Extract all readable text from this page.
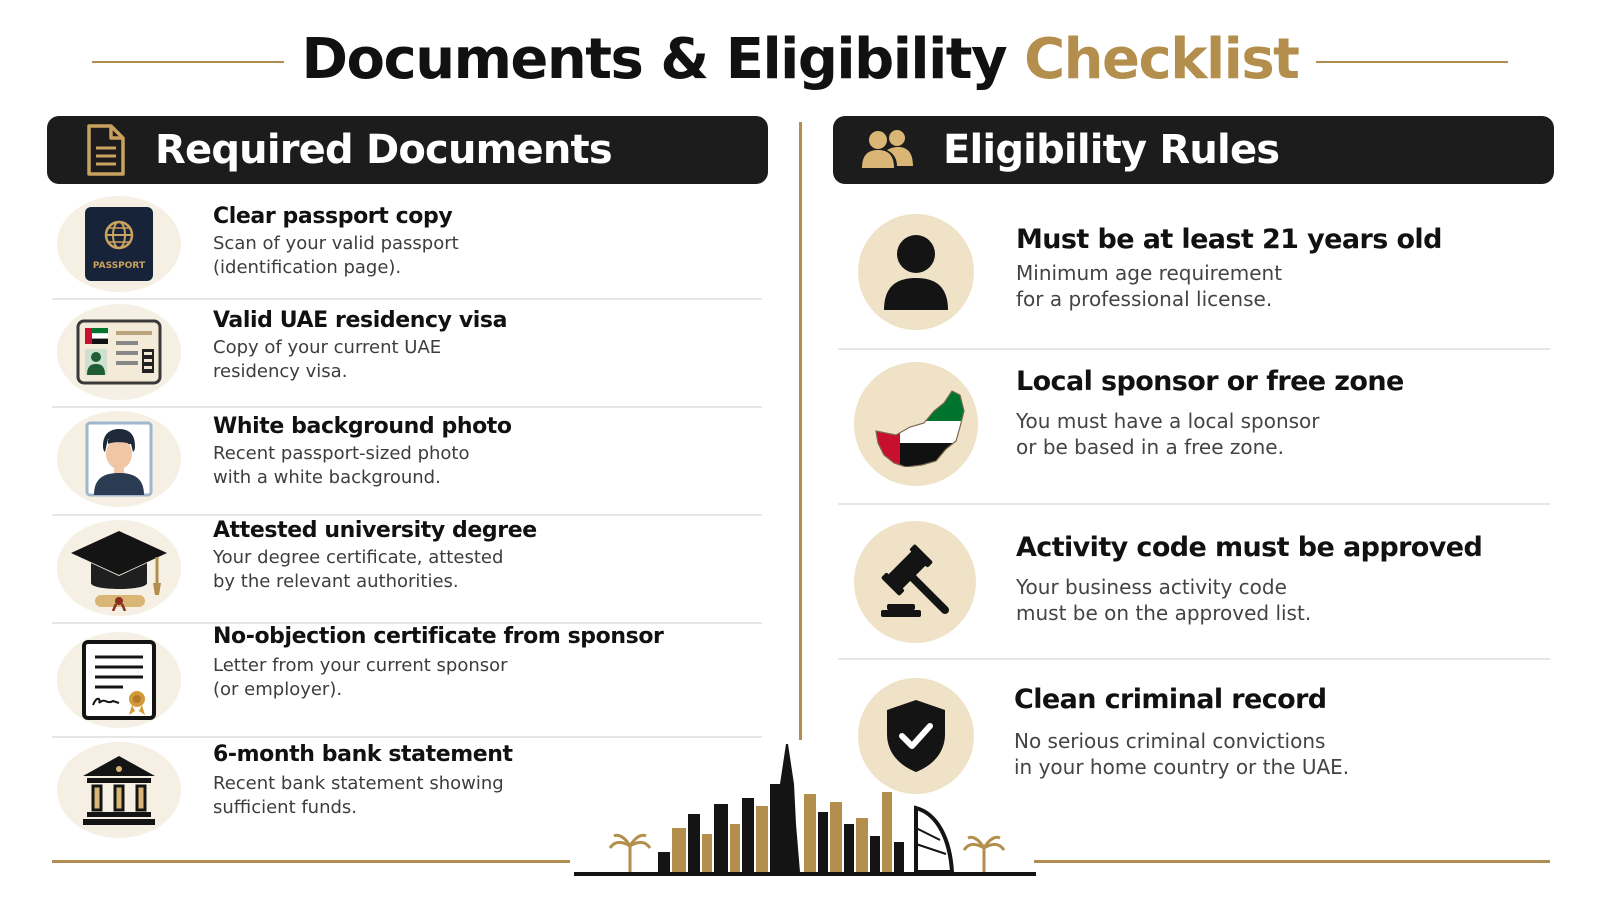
Documents & Eligibility Checklist
Required Documents	Eligibility Rules
PASSPORT
Clear passport copy
Scan of your valid passport
(identification page).
Valid UAE residency visa
Copy of your current UAE
residency visa.
White background photo
Recent passport-sized photo
with a white background.
Attested university degree
Your degree certificate, attested
by the relevant authorities.
No-objection certificate from sponsor
Letter from your current sponsor
(or employer).
6-month bank statement
Recent bank statement showing
sufficient funds.
Must be at least 21 years old
Minimum age requirement
for a professional license.
Local sponsor or free zone
You must have a local sponsor
or be based in a free zone.
Activity code must be approved
Your business activity code
must be on the approved list.
Clean criminal record
No serious criminal convictions
in your home country or the UAE.
